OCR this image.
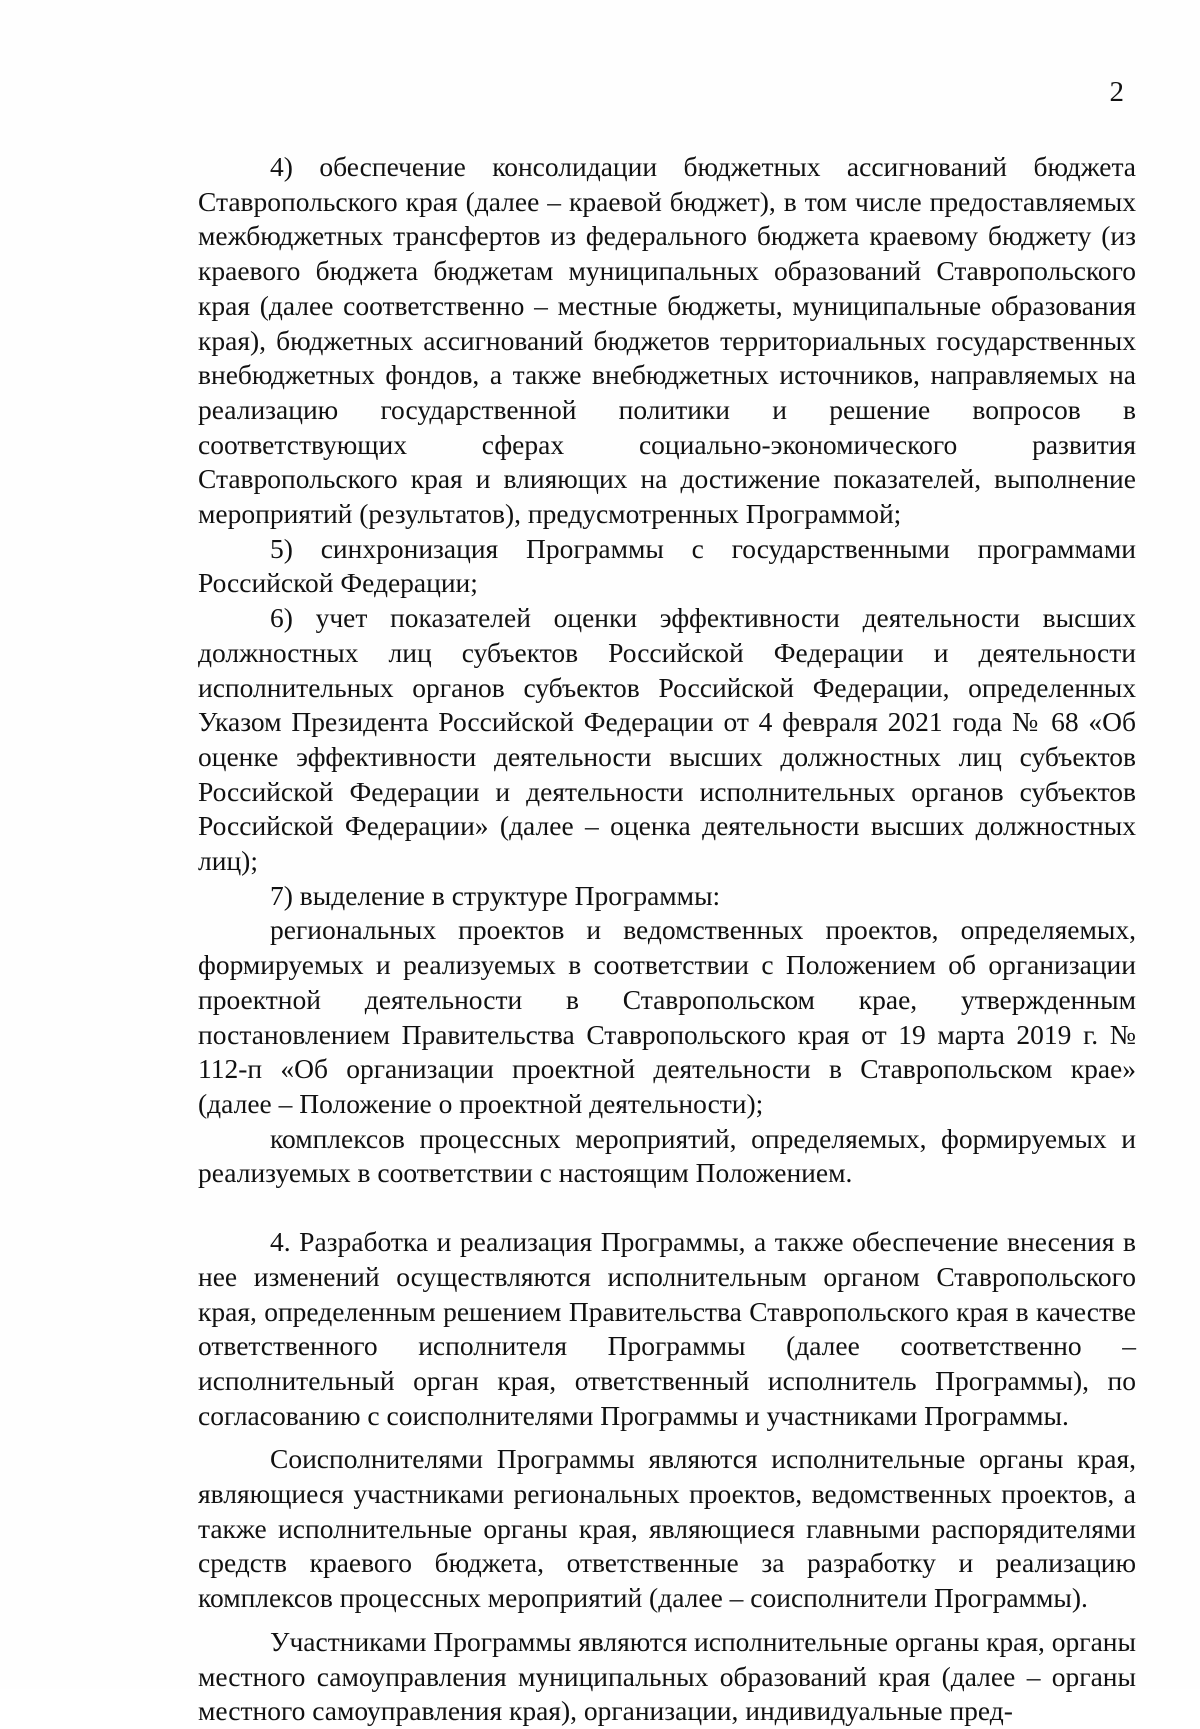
2

4) обеспечение консолидации бюджетных ассигнований бюджета Ставропольского края (далее – краевой бюджет), в том числе предоставляемых межбюджетных трансфертов из федерального бюджета краевому бюджету (из краевого бюджета бюджетам муниципальных образований Ставропольского края (далее соответственно – местные бюджеты, муниципальные образования края), бюджетных ассигнований бюджетов территориальных государственных внебюджетных фондов, а также внебюджетных источников, направляемых на реализацию государственной политики и решение вопросов в соответствующих сферах социально-экономического развития Ставропольского края и влияющих на достижение показателей, выполнение мероприятий (результатов), предусмотренных Программой;

5) синхронизация Программы с государственными программами Российской Федерации;

6) учет показателей оценки эффективности деятельности высших должностных лиц субъектов Российской Федерации и деятельности исполнительных органов субъектов Российской Федерации, определенных Указом Президента Российской Федерации от 4 февраля 2021 года № 68 «Об оценке эффективности деятельности высших должностных лиц субъектов Российской Федерации и деятельности исполнительных органов субъектов Российской Федерации» (далее – оценка деятельности высших должностных лиц);

7) выделение в структуре Программы:

региональных проектов и ведомственных проектов, определяемых, формируемых и реализуемых в соответствии с Положением об организации проектной деятельности в Ставропольском крае, утвержденным постановлением Правительства Ставропольского края от 19 марта 2019 г. № 112-п «Об организации проектной деятельности в Ставропольском крае» (далее – Положение о проектной деятельности);

комплексов процессных мероприятий, определяемых, формируемых и реализуемых в соответствии с настоящим Положением.

4. Разработка и реализация Программы, а также обеспечение внесения в нее изменений осуществляются исполнительным органом Ставропольского края, определенным решением Правительства Ставропольского края в качестве ответственного исполнителя Программы (далее соответственно – исполнительный орган края, ответственный исполнитель Программы), по согласованию с соисполнителями Программы и участниками Программы.

Соисполнителями Программы являются исполнительные органы края, являющиеся участниками региональных проектов, ведомственных проектов, а также исполнительные органы края, являющиеся главными распорядителями средств краевого бюджета, ответственные за разработку и реализацию комплексов процессных мероприятий (далее – соисполнители Программы).

Участниками Программы являются исполнительные органы края, органы местного самоуправления муниципальных образований края (далее – органы местного самоуправления края), организации, индивидуальные пред-
